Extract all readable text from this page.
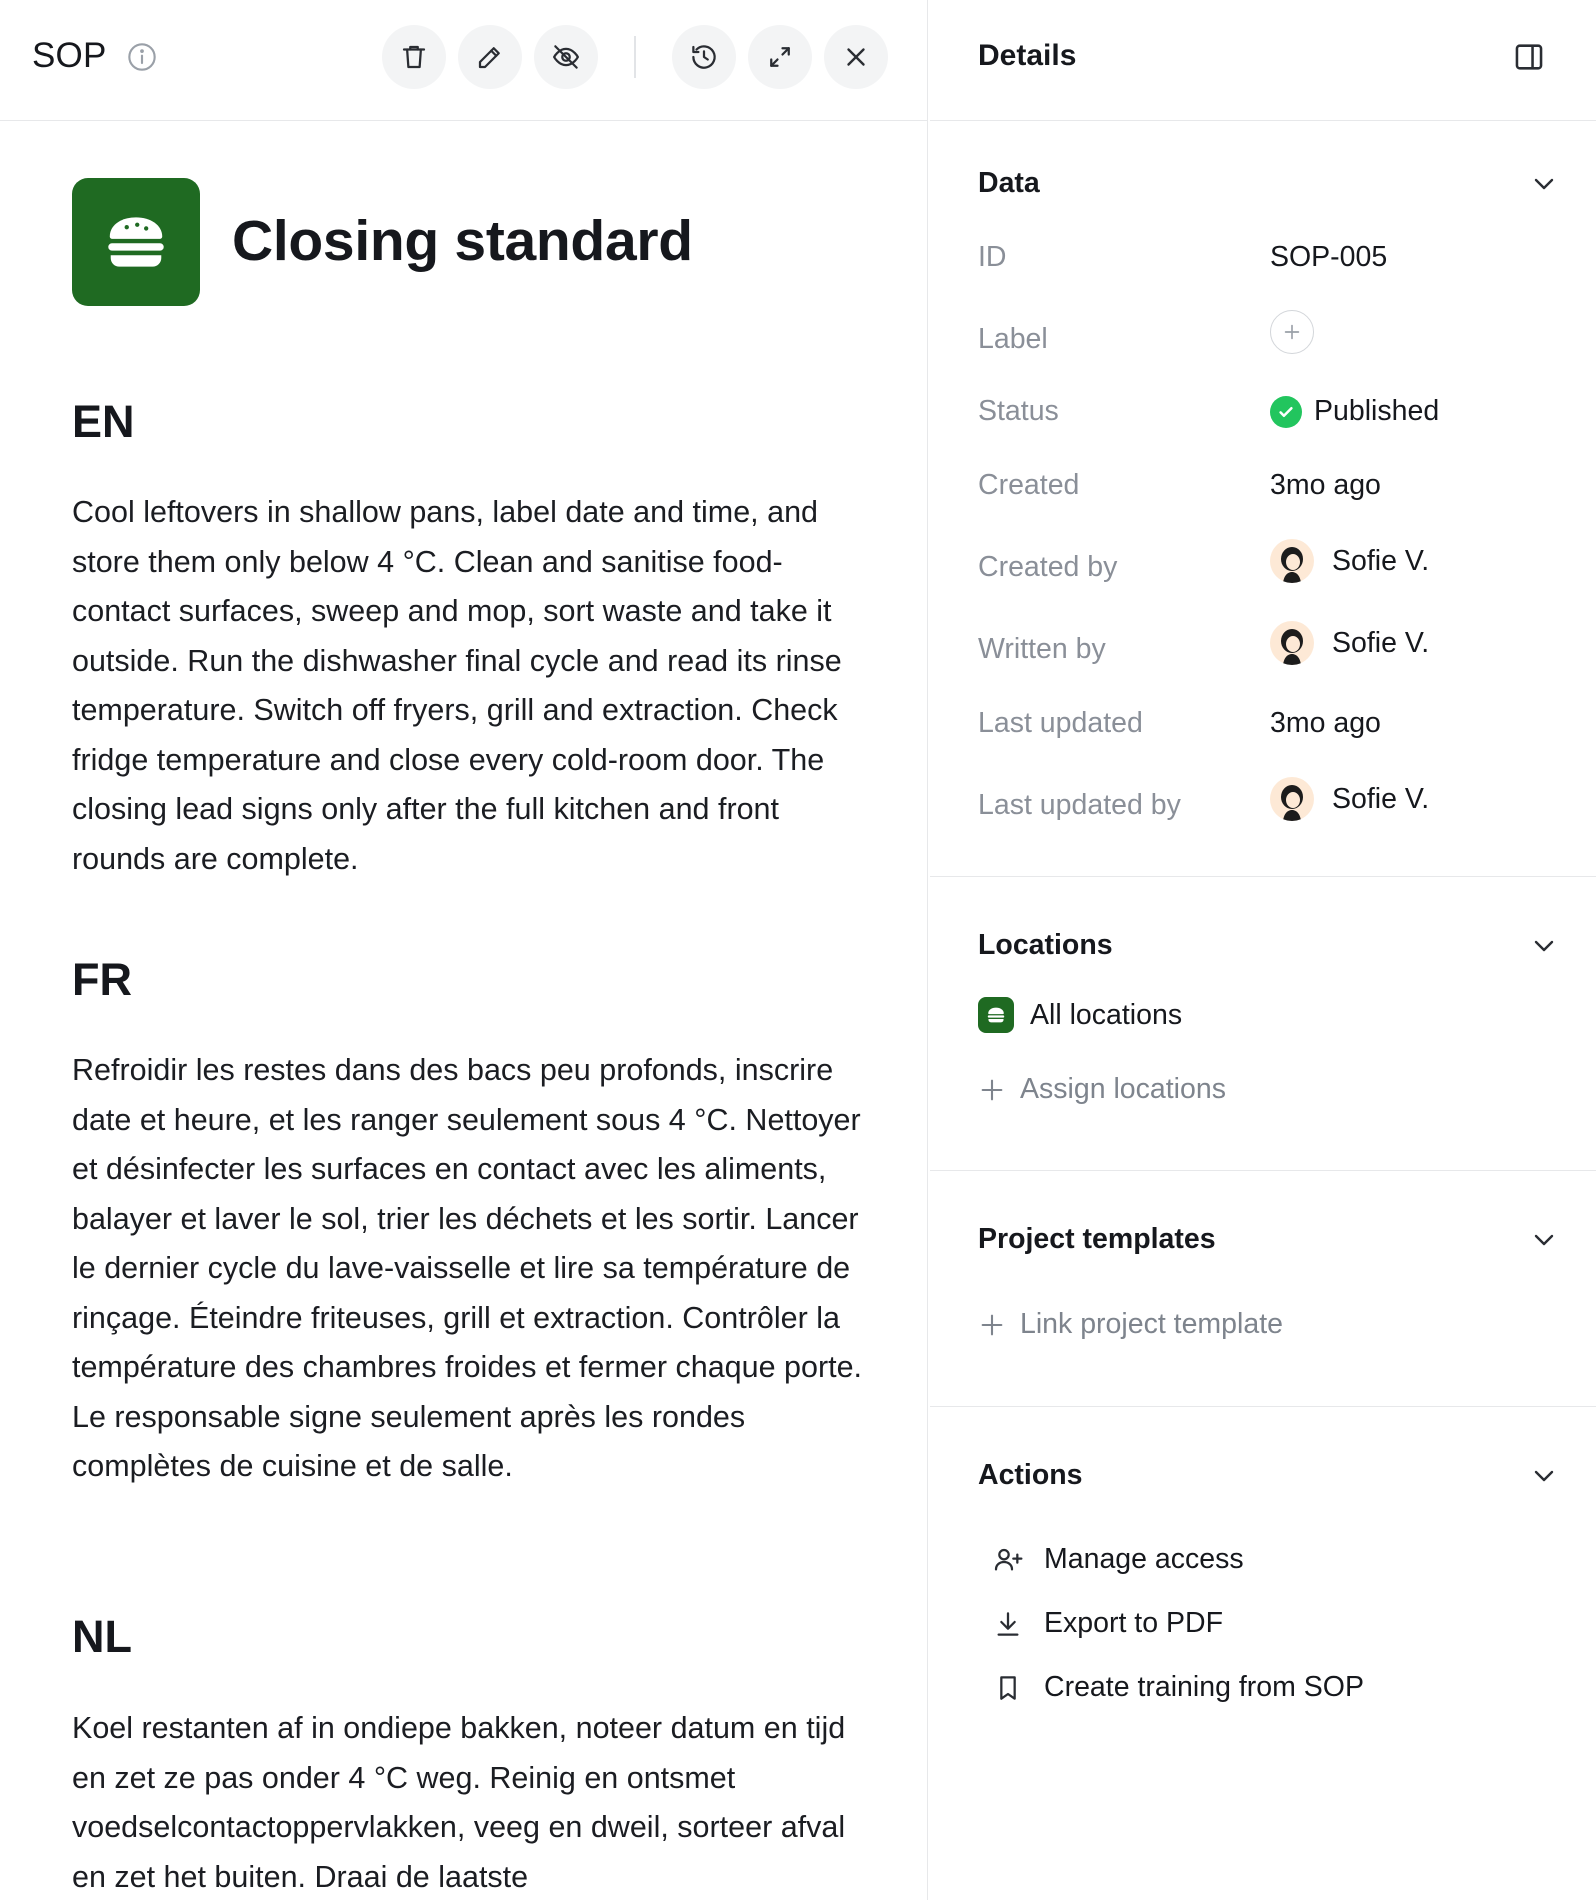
SOP
Closing standard
EN
Cool leftovers in shallow pans, label date and time, and store them only below 4 °C. Clean and sanitise food-contact surfaces, sweep and mop, sort waste and take it outside. Run the dishwasher final cycle and read its rinse temperature. Switch off fryers, grill and extraction. Check fridge temperature and close every cold-room door. The closing lead signs only after the full kitchen and front rounds are complete.
FR
Refroidir les restes dans des bacs peu profonds, inscrire date et heure, et les ranger seulement sous 4 °C. Nettoyer et désinfecter les surfaces en contact avec les aliments, balayer et laver le sol, trier les déchets et les sortir. Lancer le dernier cycle du lave-vaisselle et lire sa température de rinçage. Éteindre friteuses, grill et extraction. Contrôler la température des chambres froides et fermer chaque porte. Le responsable signe seulement après les rondes complètes de cuisine et de salle.
NL
Koel restanten af in ondiepe bakken, noteer datum en tijd en zet ze pas onder 4 °C weg. Reinig en ontsmet voedselcontactoppervlakken, veeg en dweil, sorteer afval en zet het buiten. Draai de laatste
Details
Data
ID	SOP-005
Label
Status	Published
Created	3mo ago
Created by	Sofie V.
Written by	Sofie V.
Last updated	3mo ago
Last updated by	Sofie V.
Locations
All locations
Assign locations
Project templates
Link project template
Actions
Manage access
Export to PDF
Create training from SOP
